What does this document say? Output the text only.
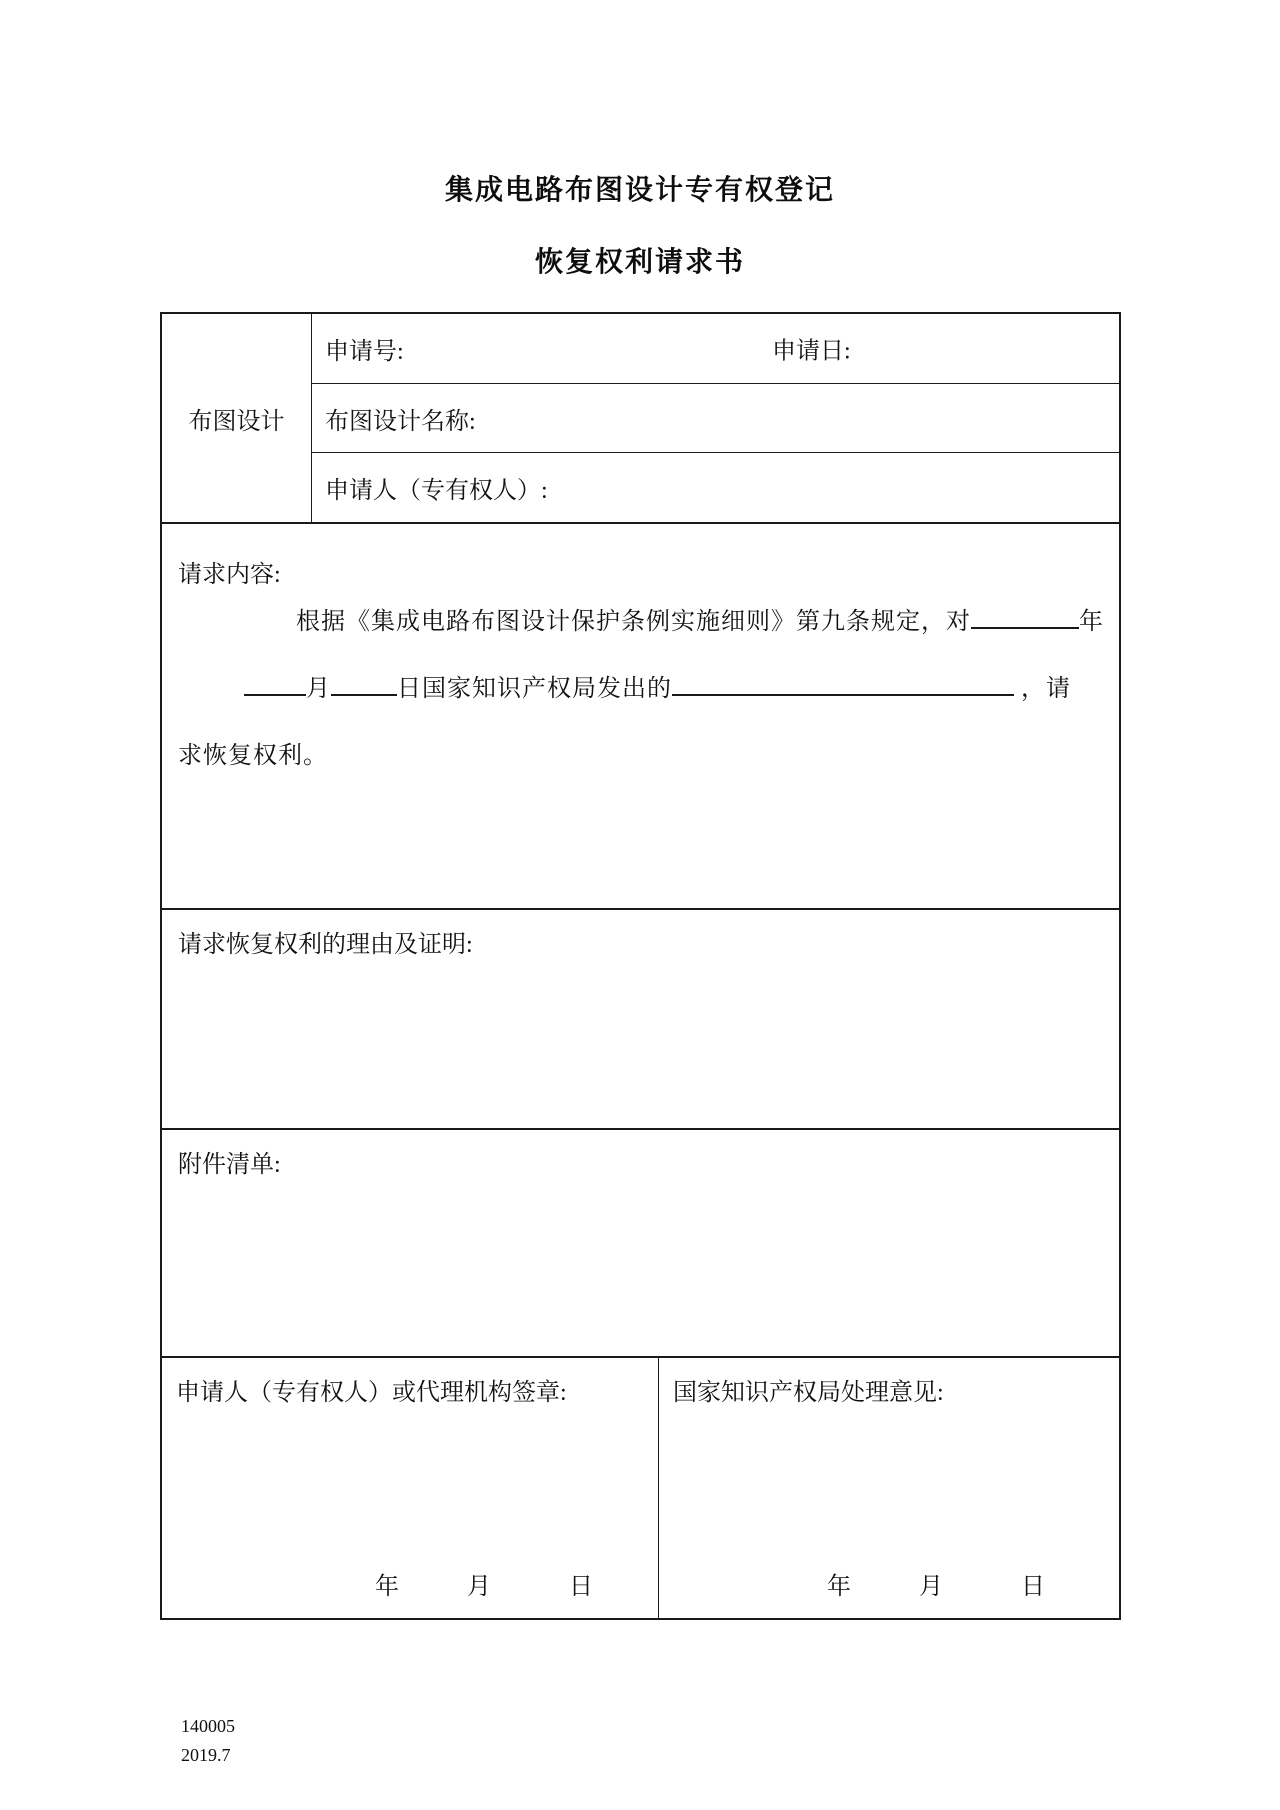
集成电路布图设计专有权登记
恢复权利请求书
布图设计
申请号:	申请日:
布图设计名称:
申请人（专有权人）:
请求内容:
根据《集成电路布图设计保护条例实施细则》第九条规定，对	年
月	日国家知识产权局发出的	，请
求恢复权利。
请求恢复权利的理由及证明:
附件清单:
申请人（专有权人）或代理机构签章:
年	月	日
国家知识产权局处理意见:
年	月	日
140005
2019.7
